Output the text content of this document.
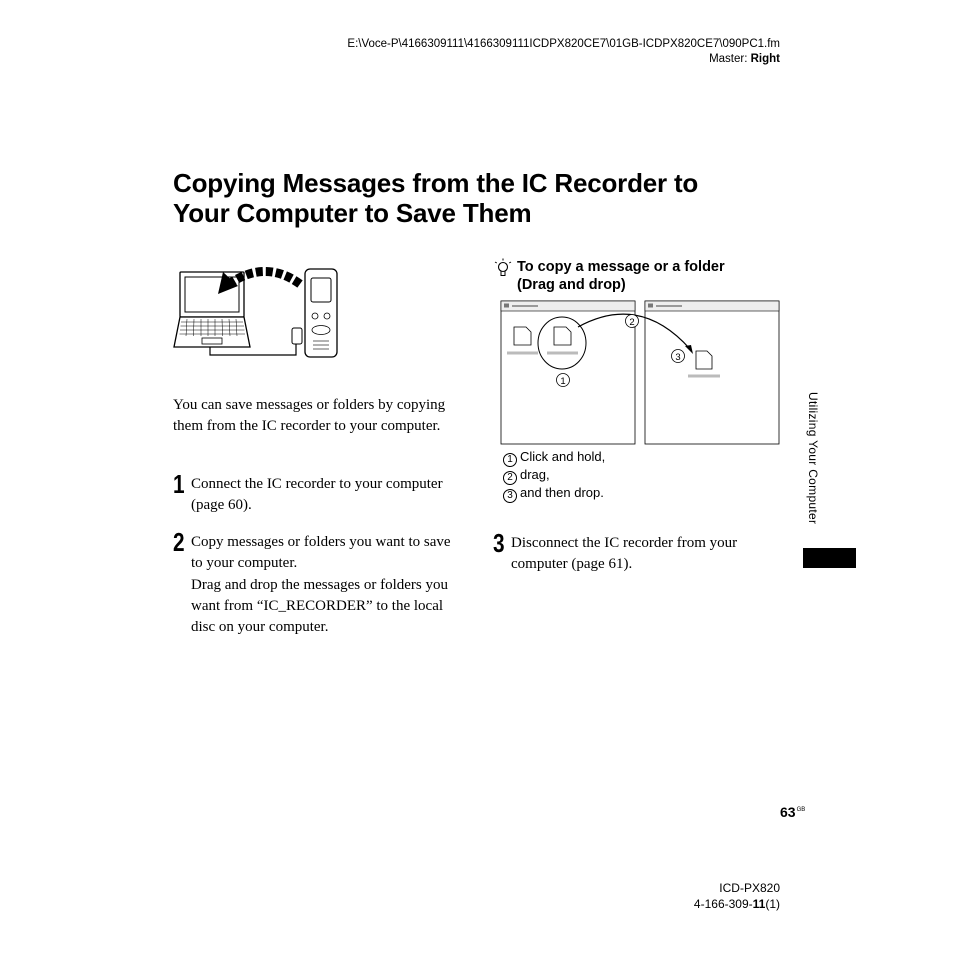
E:\Voce-P\4166309111\4166309111ICDPX820CE7\01GB-ICDPX820CE7\090PC1.fm
Master: Right
Copying Messages from the IC Recorder to
Your Computer to Save Them

You can save messages or folders by copying them from the IC recorder to your computer.

1 Connect the IC recorder to your computer (page 60).

2 Copy messages or folders you want to save to your computer.

Drag and drop the messages or folders you want from “IC_RECORDER” to the local disc on your computer.

To copy a message or a folder
(Drag and drop)
1
2
3
1 Click and hold,
2 drag,
3 and then drop.
3 Disconnect the IC recorder from your computer (page 61).

Utilizing Your Computer
$63^{GB}$
ICD-PX820
4-166-309-11(1)
